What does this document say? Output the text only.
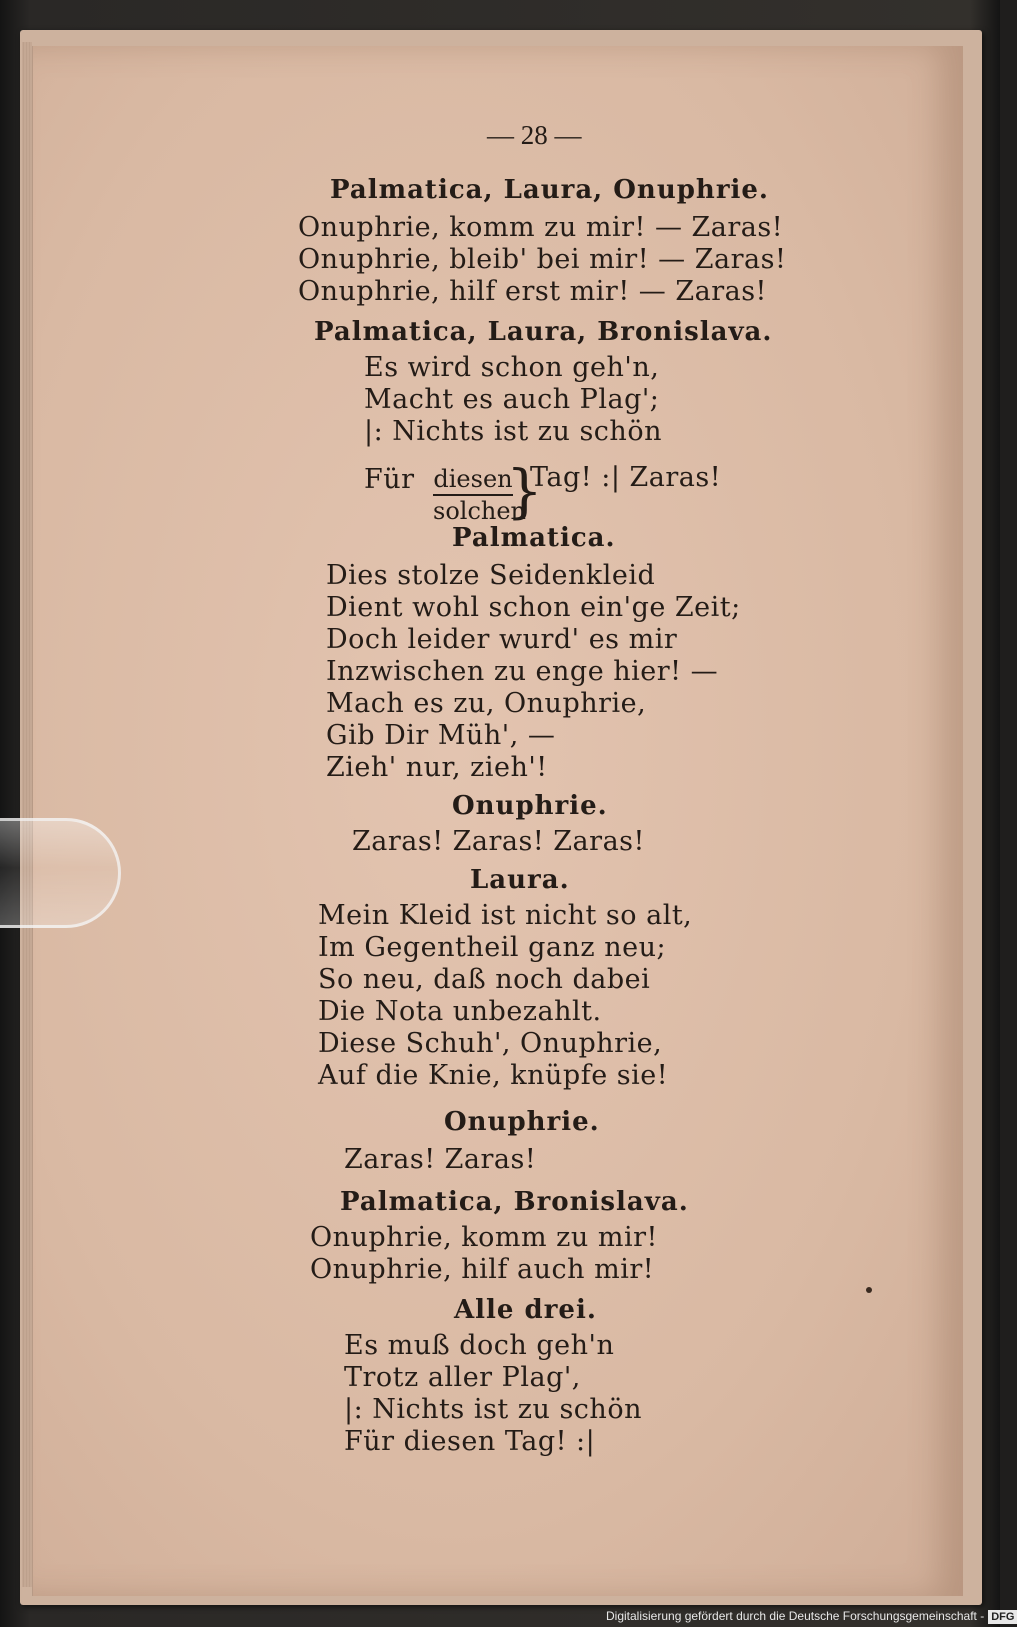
— 28 —
Palmatica, Laura, Onuphrie.
Onuphrie, komm zu mir! — Zaras!
Onuphrie, bleib' bei mir! — Zaras!
Onuphrie, hilf erst mir! — Zaras!
Palmatica, Laura, Bronislava.
Es wird schon geh'n,
Macht es auch Plag';
|: Nichts ist zu schön
Für diesen
solchen
}
Tag! :| Zaras!
Palmatica.
Dies stolze Seidenkleid
Dient wohl schon ein'ge Zeit;
Doch leider wurd' es mir
Inzwischen zu enge hier! —
Mach es zu, Onuphrie,
Gib Dir Müh', —
Zieh' nur, zieh'!
Onuphrie.
Zaras! Zaras! Zaras!
Laura.
Mein Kleid ist nicht so alt,
Im Gegentheil ganz neu;
So neu, daß noch dabei
Die Nota unbezahlt.
Diese Schuh', Onuphrie,
Auf die Knie, knüpfe sie!
Onuphrie.
Zaras! Zaras!
Palmatica, Bronislava.
Onuphrie, komm zu mir!
Onuphrie, hilf auch mir!
Alle drei.
Es muß doch geh'n
Trotz aller Plag',
|: Nichts ist zu schön
Für diesen Tag! :|
Digitalisierung gefördert durch die Deutsche Forschungsgemeinschaft - DFG
